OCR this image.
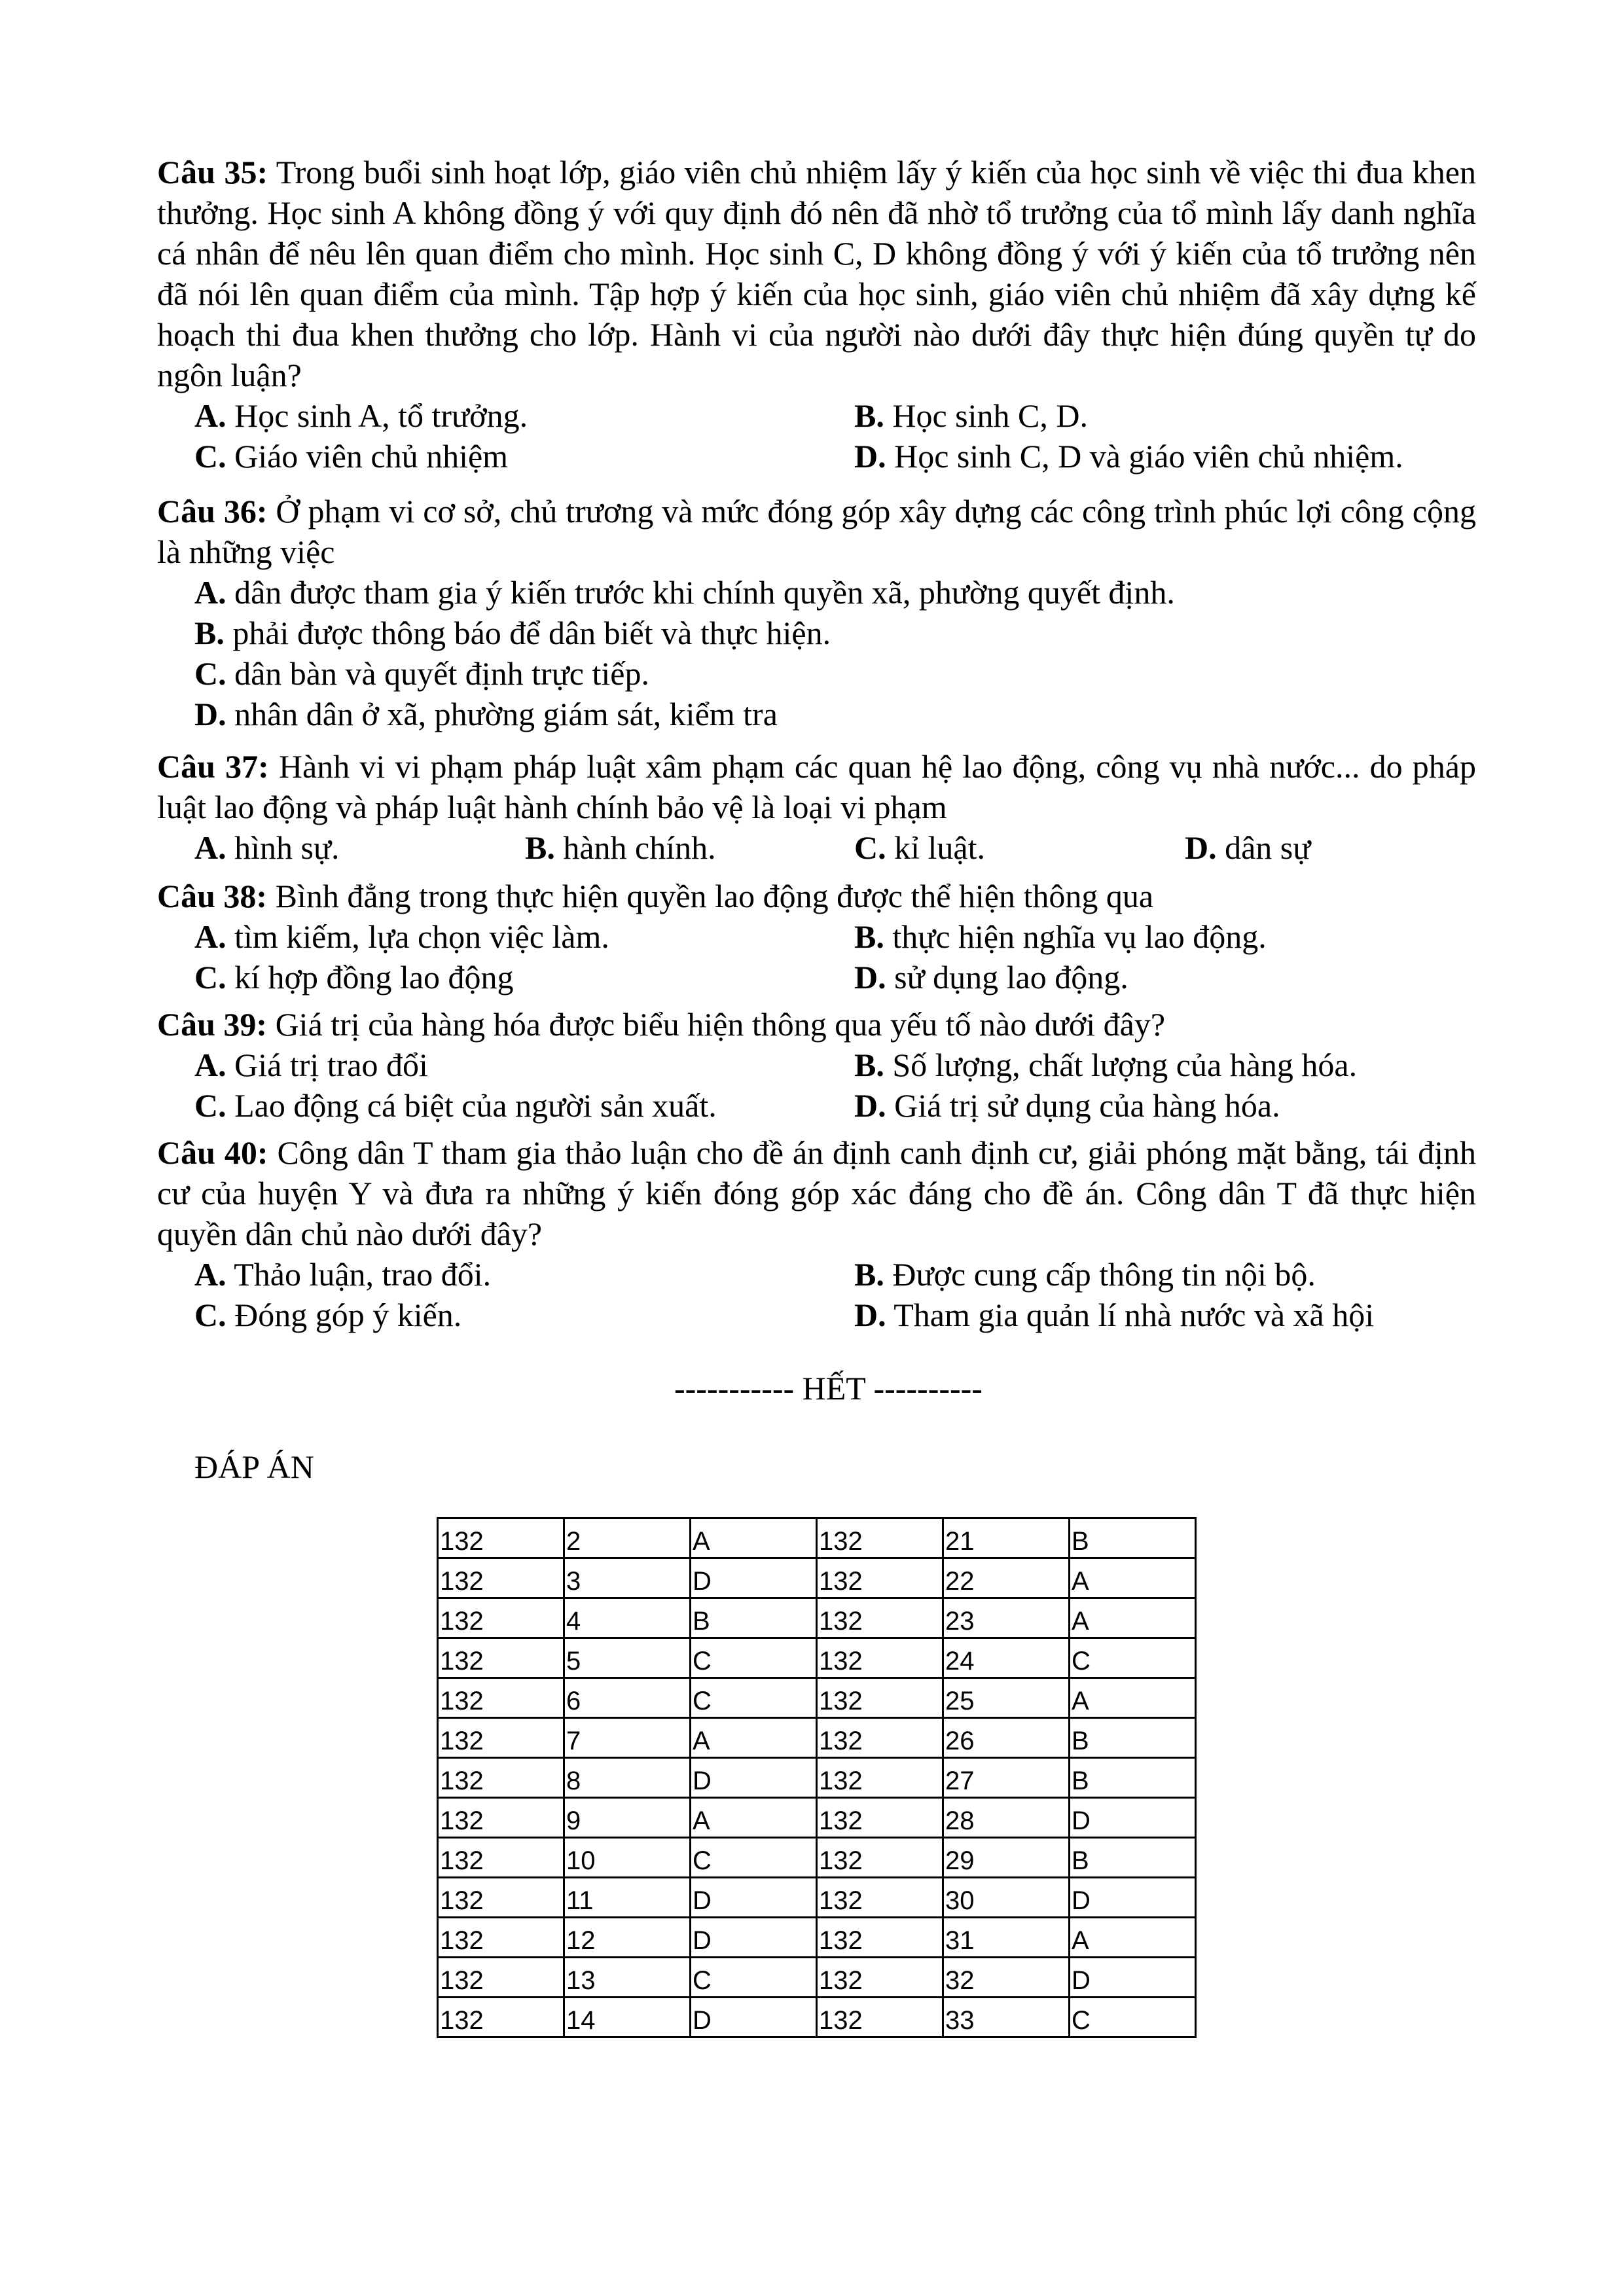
Câu 35: Trong buổi sinh hoạt lớp, giáo viên chủ nhiệm lấy ý kiến của học sinh về việc thi đua khen thưởng. Học sinh A không đồng ý với quy định đó nên đã nhờ tổ trưởng của tổ mình lấy danh nghĩa cá nhân để nêu lên quan điểm cho mình. Học sinh C, D không đồng ý với ý kiến của tổ trưởng nên đã nói lên quan điểm của mình. Tập hợp ý kiến của học sinh, giáo viên chủ nhiệm đã xây dựng kế hoạch thi đua khen thưởng cho lớp. Hành vi của người nào dưới đây thực hiện đúng quyền tự do ngôn luận?
A. Học sinh A, tổ trưởng.	B. Học sinh C, D.
C. Giáo viên chủ nhiệm	D. Học sinh C, D và giáo viên chủ nhiệm.
Câu 36: Ở phạm vi cơ sở, chủ trương và mức đóng góp xây dựng các công trình phúc lợi công cộng là những việc
A. dân được tham gia ý kiến trước khi chính quyền xã, phường quyết định.
B. phải được thông báo để dân biết và thực hiện.
C. dân bàn và quyết định trực tiếp.
D. nhân dân ở xã, phường giám sát, kiểm tra
Câu 37: Hành vi vi phạm pháp luật xâm phạm các quan hệ lao động, công vụ nhà nước... do pháp luật lao động và pháp luật hành chính bảo vệ là loại vi phạm
A. hình sự.	B. hành chính.	C. kỉ luật.	D. dân sự
Câu 38: Bình đẳng trong thực hiện quyền lao động được thể hiện thông qua
A. tìm kiếm, lựa chọn việc làm.	B. thực hiện nghĩa vụ lao động.
C. kí hợp đồng lao động	D. sử dụng lao động.
Câu 39: Giá trị của hàng hóa được biểu hiện thông qua yếu tố nào dưới đây?
A. Giá trị trao đổi	B. Số lượng, chất lượng của hàng hóa.
C. Lao động cá biệt của người sản xuất.	D. Giá trị sử dụng của hàng hóa.
Câu 40: Công dân T tham gia thảo luận cho đề án định canh định cư, giải phóng mặt bằng, tái định cư của huyện Y và đưa ra những ý kiến đóng góp xác đáng cho đề án. Công dân T đã thực hiện quyền dân chủ nào dưới đây?
A. Thảo luận, trao đổi.	B. Được cung cấp thông tin nội bộ.
C. Đóng góp ý kiến.	D. Tham gia quản lí nhà nước và xã hội
----------- HẾT ----------
ĐÁP ÁN
132	2	A	132	21	B
132	3	D	132	22	A
132	4	B	132	23	A
132	5	C	132	24	C
132	6	C	132	25	A
132	7	A	132	26	B
132	8	D	132	27	B
132	9	A	132	28	D
132	10	C	132	29	B
132	11	D	132	30	D
132	12	D	132	31	A
132	13	C	132	32	D
132	14	D	132	33	C
